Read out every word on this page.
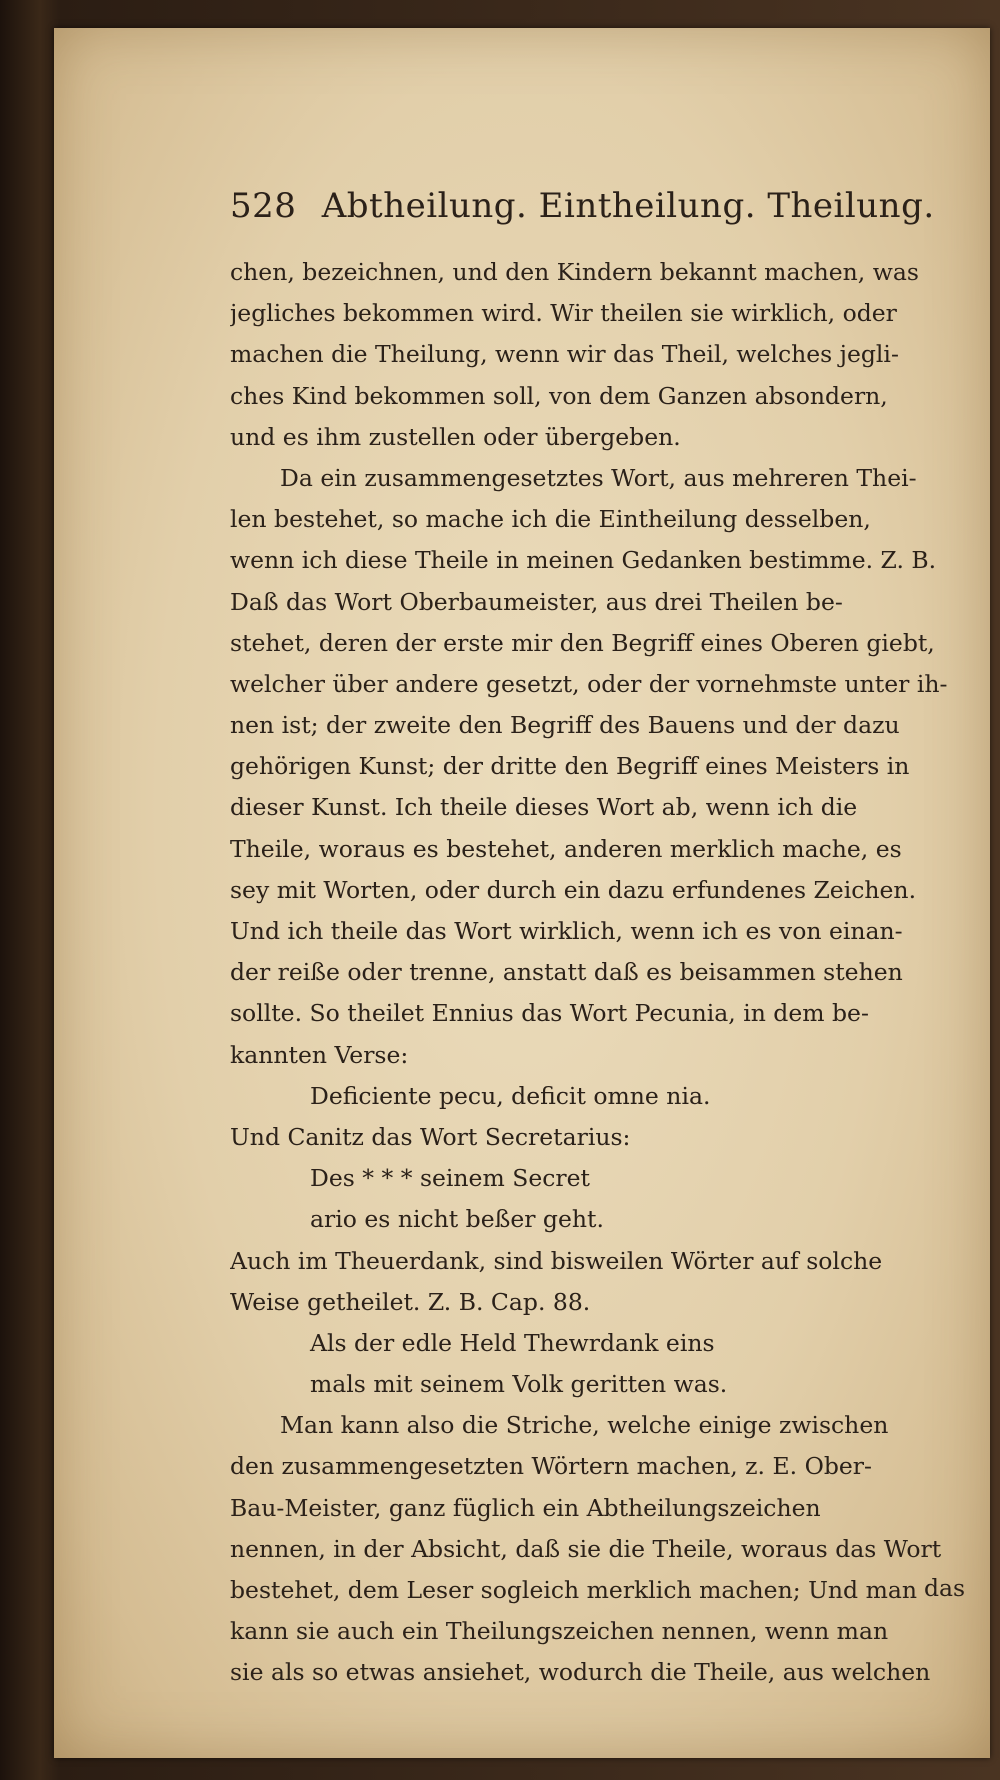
528 Abtheilung. Eintheilung. Theilung.
chen, bezeichnen, und den Kindern bekannt machen, was
jegliches bekommen wird. Wir theilen sie wirklich, oder
machen die Theilung, wenn wir das Theil, welches jegli-
ches Kind bekommen soll, von dem Ganzen absondern,
und es ihm zustellen oder übergeben.
Da ein zusammengesetztes Wort, aus mehreren Thei-
len bestehet, so mache ich die Eintheilung desselben,
wenn ich diese Theile in meinen Gedanken bestimme. Z. B.
Daß das Wort Oberbaumeister, aus drei Theilen be-
stehet, deren der erste mir den Begriff eines Oberen giebt,
welcher über andere gesetzt, oder der vornehmste unter ih-
nen ist; der zweite den Begriff des Bauens und der dazu
gehörigen Kunst; der dritte den Begriff eines Meisters in
dieser Kunst. Ich theile dieses Wort ab, wenn ich die
Theile, woraus es bestehet, anderen merklich mache, es
sey mit Worten, oder durch ein dazu erfundenes Zeichen.
Und ich theile das Wort wirklich, wenn ich es von einan-
der reiße oder trenne, anstatt daß es beisammen stehen
sollte. So theilet Ennius das Wort Pecunia, in dem be-
kannten Verse:
Deficiente pecu, deficit omne nia.
Und Canitz das Wort Secretarius:
Des * * * seinem Secret
ario es nicht beßer geht.
Auch im Theuerdank, sind bisweilen Wörter auf solche
Weise getheilet. Z. B. Cap. 88.
Als der edle Held Thewrdank eins
mals mit seinem Volk geritten was.
Man kann also die Striche, welche einige zwischen
den zusammengesetzten Wörtern machen, z. E. Ober-
Bau-Meister, ganz füglich ein Abtheilungszeichen
nennen, in der Absicht, daß sie die Theile, woraus das Wort
bestehet, dem Leser sogleich merklich machen; Und man
kann sie auch ein Theilungszeichen nennen, wenn man
sie als so etwas ansiehet, wodurch die Theile, aus welchen
das
